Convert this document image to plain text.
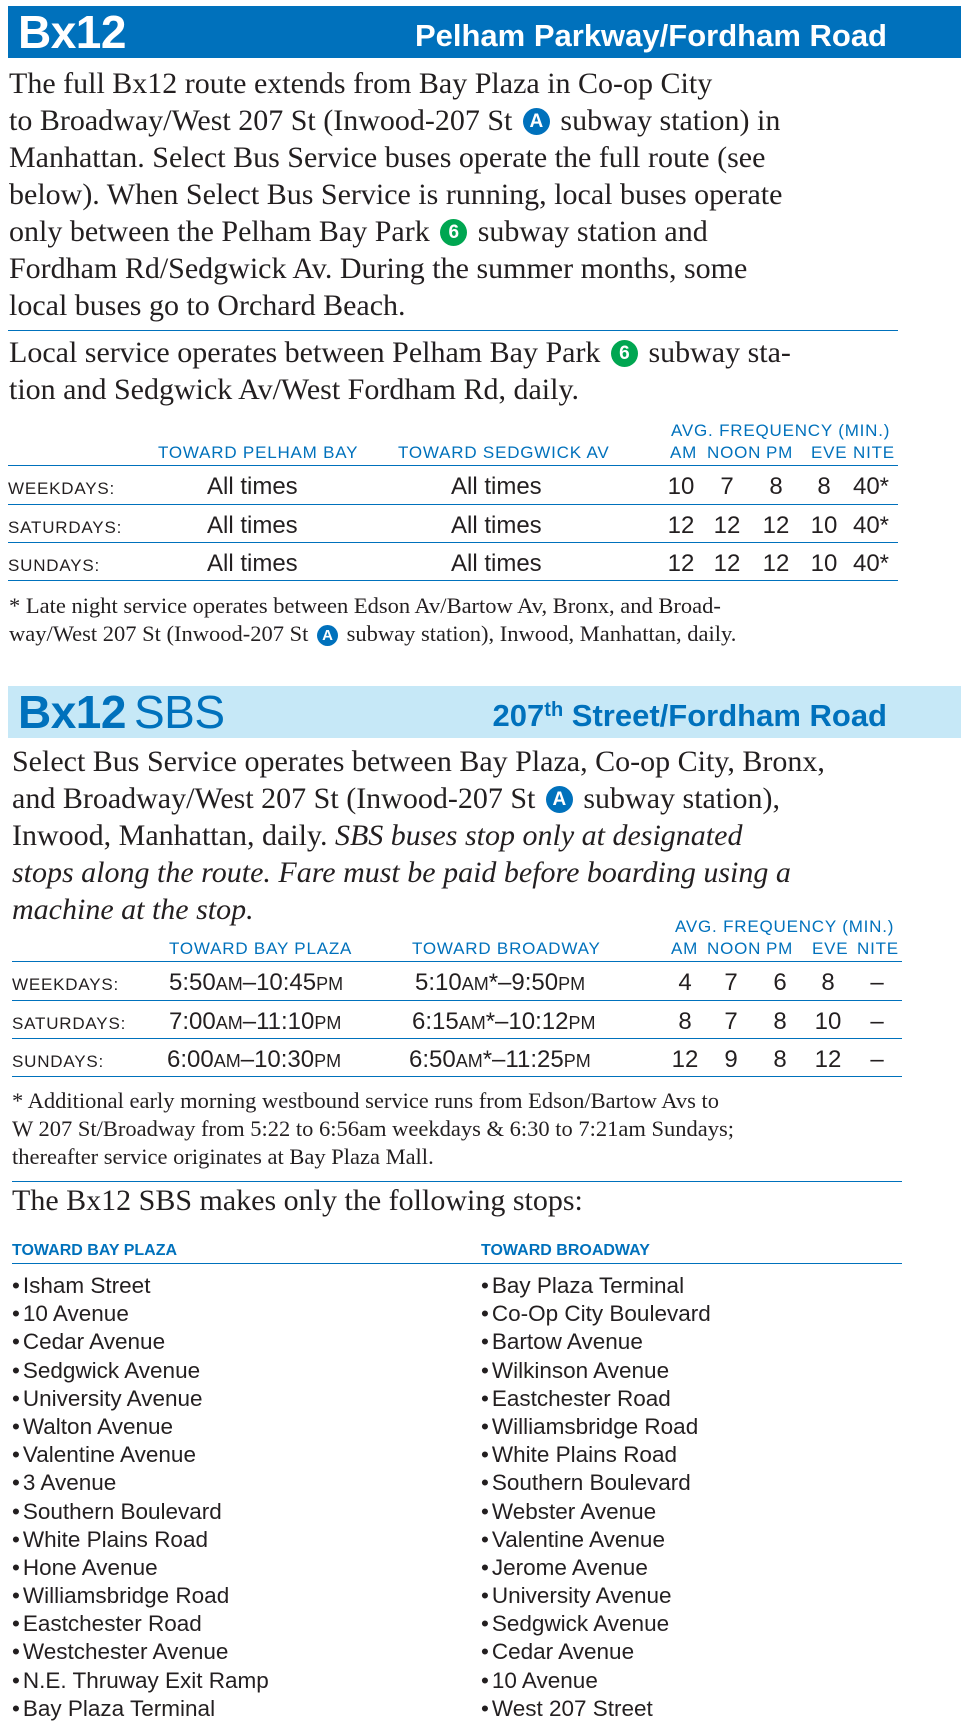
Bx12	Pelham Parkway/Fordham Road
The full Bx12 route extends from Bay Plaza in Co-op City
to Broadway/West 207 St (Inwood-207 St A subway station) in
Manhattan. Select Bus Service buses operate the full route (see
below). When Select Bus Service is running, local buses operate
only between the Pelham Bay Park 6 subway station and
Fordham Rd/Sedgwick Av. During the summer months, some
local buses go to Orchard Beach.
Local service operates between Pelham Bay Park 6 subway sta-
tion and Sedgwick Av/West Fordham Rd, daily.
AVG. FREQUENCY (MIN.)
TOWARD PELHAM BAY TOWARD SEDGWICK AV	AM NOON PM EVE NITE
WEEKDAYS:	All times	All times	10	7	8	8 40*
SATURDAYS:	All times	All times	12 12 12 10 40*
SUNDAYS:	All times	All times	12 12 12 10 40*
* Late night service operates between Edson Av/Bartow Av, Bronx, and Broad-
way/West 207 St (Inwood-207 St A subway station), Inwood, Manhattan, daily.
Bx12 SBS	207th Street/Fordham Road
Select Bus Service operates between Bay Plaza, Co-op City, Bronx,
and Broadway/West 207 St (Inwood-207 St A subway station),
Inwood, Manhattan, daily. SBS buses stop only at designated
stops along the route. Fare must be paid before boarding using a
machine at the stop.
AVG. FREQUENCY (MIN.)
TOWARD BAY PLAZA	TOWARD BROADWAY	AM NOON PM EVE NITE
WEEKDAYS: 5:50AM–10:45PM	5:10AM*–9:50PM	4	7	6	8	–
SATURDAYS: 7:00AM–11:10PM	6:15AM*–10:12PM	8	7	8	10	–
SUNDAYS:	6:00AM–10:30PM	6:50AM*–11:25PM	12	9	8	12	–
* Additional early morning westbound service runs from Edson/Bartow Avs to
W 207 St/Broadway from 5:22 to 6:56am weekdays & 6:30 to 7:21am Sundays;
thereafter service originates at Bay Plaza Mall.
The Bx12 SBS makes only the following stops:
TOWARD BAY PLAZA	TOWARD BROADWAY
• Isham Street
• 10 Avenue
• Cedar Avenue
• Sedgwick Avenue
• University Avenue
• Walton Avenue
• Valentine Avenue
• 3 Avenue
• Southern Boulevard
• White Plains Road
• Hone Avenue
• Williamsbridge Road
• Eastchester Road
• Westchester Avenue
• N.E. Thruway Exit Ramp
• Bay Plaza Terminal
• Bay Plaza Terminal
• Co-Op City Boulevard
• Bartow Avenue
• Wilkinson Avenue
• Eastchester Road
• Williamsbridge Road
• White Plains Road
• Southern Boulevard
• Webster Avenue
• Valentine Avenue
• Jerome Avenue
• University Avenue
• Sedgwick Avenue
• Cedar Avenue
• 10 Avenue
• West 207 Street
